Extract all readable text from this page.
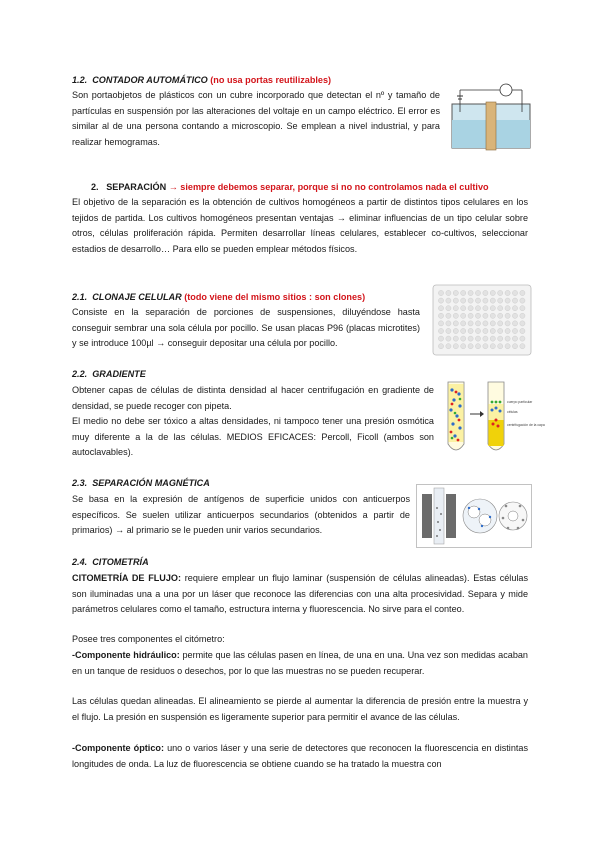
1.2. CONTADOR AUTOMÁTICO (no usa portas reutilizables)

Son portaobjetos de plásticos con un cubre incorporado que detectan el nº y tamaño de partículas en suspensión por las alteraciones del voltaje en un campo eléctrico. El error es similar al de una persona contando a microscopio. Se emplean a nivel industrial, y para realizar hemogramas.

2. SEPARACIÓN → siempre debemos separar, porque si no no controlamos nada el cultivo

El objetivo de la separación es la obtención de cultivos homogéneos a partir de distintos tipos celulares en los tejidos de partida. Los cultivos homogéneos presentan ventajas → eliminar influencias de un tipo celular sobre otros, células proliferación rápida. Permiten desarrollar líneas celulares, establecer co-cultivos, seleccionar estadios de desarrollo… Para ello se pueden emplear métodos físicos.

2.1. CLONAJE CELULAR (todo viene del mismo sitios : son clones)

Consiste en la separación de porciones de suspensiones, diluyéndose hasta conseguir sembrar una sola célula por pocillo. Se usan placas P96 (placas microtites) y se introduce 100µl → conseguir depositar una célula por pocillo.

2.2. GRADIENTE

Obtener capas de células de distinta densidad al hacer centrifugación en gradiente de densidad, se puede recoger con pipeta.

El medio no debe ser tóxico a altas densidades, ni tampoco tener una presión osmótica muy diferente a la de las células. MEDIOS EFICACES: Percoll, Ficoll (ambos son autoclavables).

cuerpo particular
células
centrifugación de la capa

2.3. SEPARACIÓN MAGNÉTICA

Se basa en la expresión de antígenos de superficie unidos con anticuerpos específicos. Se suelen utilizar anticuerpos secundarios (obtenidos a partir de primarios) → al primario se le pueden unir varios secundarios.

2.4. CITOMETRÍA

CITOMETRÍA DE FLUJO: requiere emplear un flujo laminar (suspensión de células alineadas). Estas células son iluminadas una a una por un láser que reconoce las diferencias con una alta procesividad. Separa y mide parámetros celulares como el tamaño, estructura interna y fluorescencia. No sirve para el conteo.

Posee tres componentes el citómetro:

-Componente hidráulico: permite que las células pasen en línea, de una en una. Una vez son medidas acaban en un tanque de residuos o desechos, por lo que las muestras no se pueden recuperar.

Las células quedan alineadas. El alineamiento se pierde al aumentar la diferencia de presión entre la muestra y el flujo. La presión en suspensión es ligeramente superior para permitir el avance de las células.

-Componente óptico: uno o varios láser y una serie de detectores que reconocen la fluorescencia en distintas longitudes de onda. La luz de fluorescencia se obtiene cuando se ha tratado la muestra con
